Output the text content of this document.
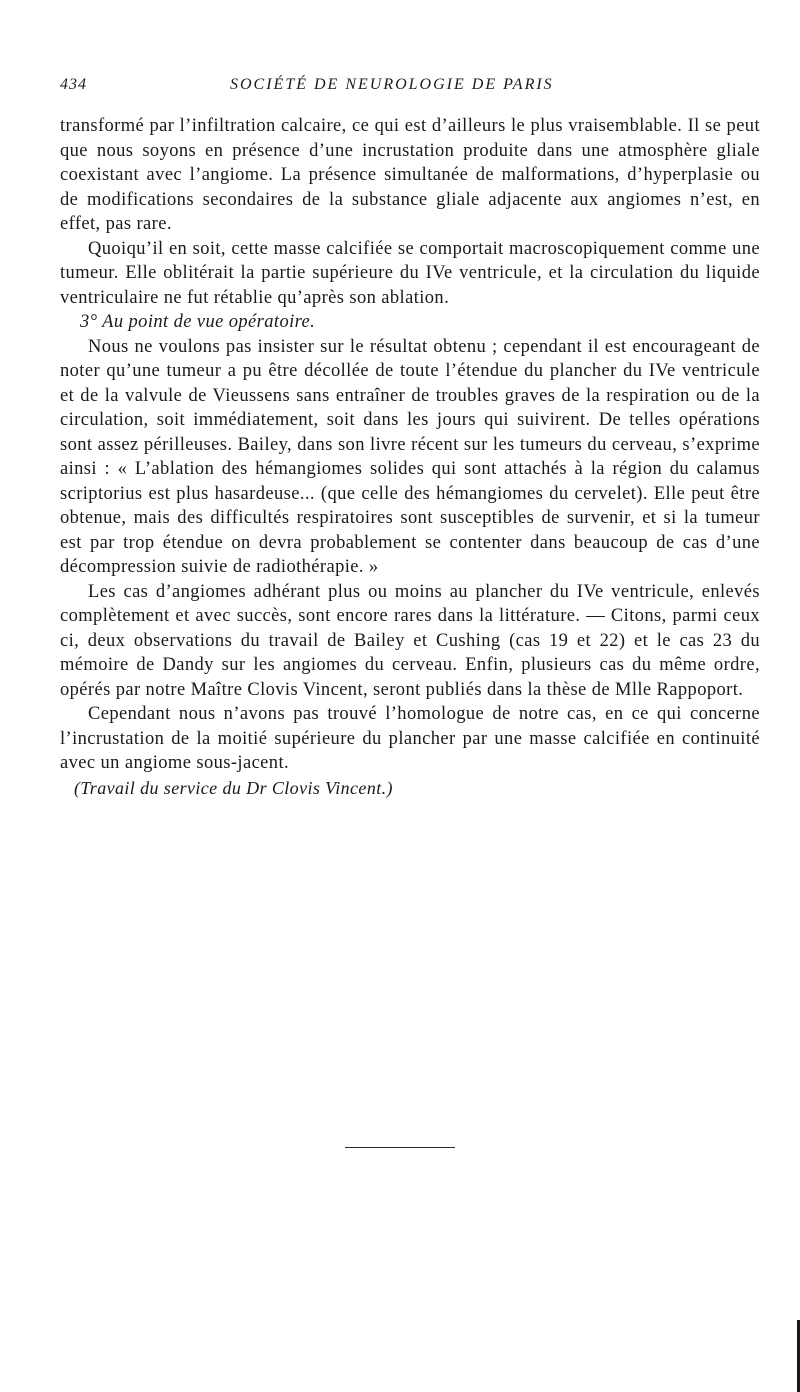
434	SOCIÉTÉ DE NEUROLOGIE DE PARIS

transformé par l’infiltration calcaire, ce qui est d’ailleurs le plus vraisemblable. Il se peut que nous soyons en présence d’une incrustation produite dans une atmosphère gliale coexistant avec l’angiome. La présence simultanée de malformations, d’hyperplasie ou de modifications secondaires de la substance gliale adjacente aux angiomes n’est, en effet, pas rare.

Quoiqu’il en soit, cette masse calcifiée se comportait macroscopiquement comme une tumeur. Elle oblitérait la partie supérieure du IVe ventricule, et la circulation du liquide ventriculaire ne fut rétablie qu’après son ablation.

3° Au point de vue opératoire.

Nous ne voulons pas insister sur le résultat obtenu ; cependant il est encourageant de noter qu’une tumeur a pu être décollée de toute l’étendue du plancher du IVe ventricule et de la valvule de Vieussens sans entraîner de troubles graves de la respiration ou de la circulation, soit immédiatement, soit dans les jours qui suivirent. De telles opérations sont assez périlleuses. Bailey, dans son livre récent sur les tumeurs du cerveau, s’exprime ainsi : « L’ablation des hémangiomes solides qui sont attachés à la région du calamus scriptorius est plus hasardeuse... (que celle des hémangiomes du cervelet). Elle peut être obtenue, mais des difficultés respiratoires sont susceptibles de survenir, et si la tumeur est par trop étendue on devra probablement se contenter dans beaucoup de cas d’une décompression suivie de radiothérapie. »

Les cas d’angiomes adhérant plus ou moins au plancher du IVe ventricule, enlevés complètement et avec succès, sont encore rares dans la littérature. — Citons, parmi ceux ci, deux observations du travail de Bailey et Cushing (cas 19 et 22) et le cas 23 du mémoire de Dandy sur les angiomes du cerveau. Enfin, plusieurs cas du même ordre, opérés par notre Maître Clovis Vincent, seront publiés dans la thèse de Mlle Rappoport.

Cependant nous n’avons pas trouvé l’homologue de notre cas, en ce qui concerne l’incrustation de la moitié supérieure du plancher par une masse calcifiée en continuité avec un angiome sous-jacent.

(Travail du service du Dr Clovis Vincent.)
